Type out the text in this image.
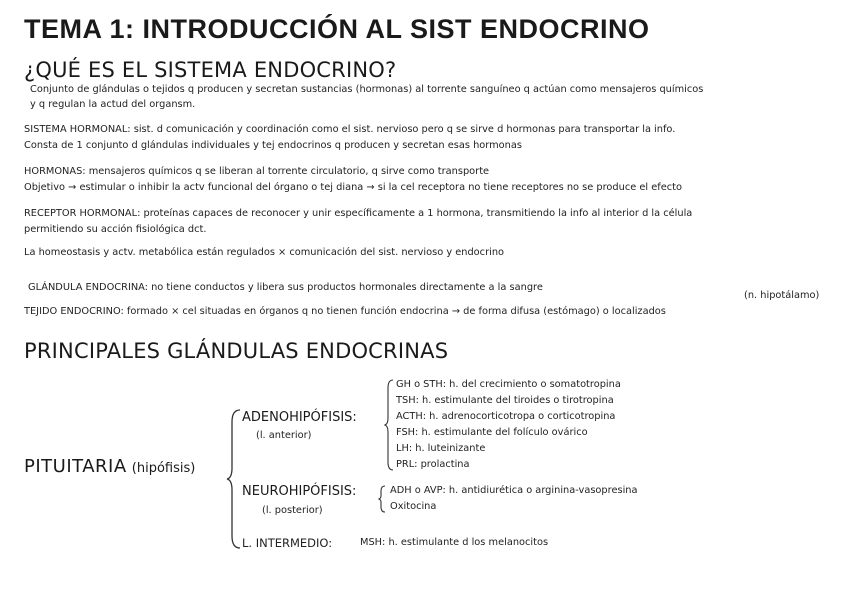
TEMA 1: INTRODUCCIÓN AL SIST ENDOCRINO
¿QUÉ ES EL SISTEMA ENDOCRINO?
Conjunto de glándulas o tejidos q producen y secretan sustancias (hormonas) al torrente sanguíneo q actúan como mensajeros químicos
y q regulan la actud del organsm.
SISTEMA HORMONAL: sist. d comunicación y coordinación como el sist. nervioso pero q se sirve d hormonas para transportar la info.
Consta de 1 conjunto d glándulas individuales y tej endocrinos q producen y secretan esas hormonas
HORMONAS: mensajeros químicos q se liberan al torrente circulatorio, q sirve como transporte
Objetivo → estimular o inhibir la actv funcional del órgano o tej diana → si la cel receptora no tiene receptores no se produce el efecto
RECEPTOR HORMONAL: proteínas capaces de reconocer y unir específicamente a 1 hormona, transmitiendo la info al interior d la célula
permitiendo su acción fisiológica dct.
La homeostasis y actv. metabólica están regulados × comunicación del sist. nervioso y endocrino
GLÁNDULA ENDOCRINA: no tiene conductos y libera sus productos hormonales directamente a la sangre
(n. hipotálamo)
TEJIDO ENDOCRINO: formado × cel situadas en órganos q no tienen función endocrina → de forma difusa (estómago) o localizados
PRINCIPALES GLÁNDULAS ENDOCRINAS
PITUITARIA (hipófisis)
ADENOHIPÓFISIS:
(l. anterior)
GH o STH: h. del crecimiento o somatotropina
TSH: h. estimulante del tiroides o tirotropina
ACTH: h. adrenocorticotropa o corticotropina
FSH: h. estimulante del folículo ovárico
LH: h. luteinizante
PRL: prolactina
NEUROHIPÓFISIS:
(l. posterior)
ADH o AVP: h. antidiurética o arginina-vasopresina
Oxitocina
L. INTERMEDIO:	MSH: h. estimulante d los melanocitos
